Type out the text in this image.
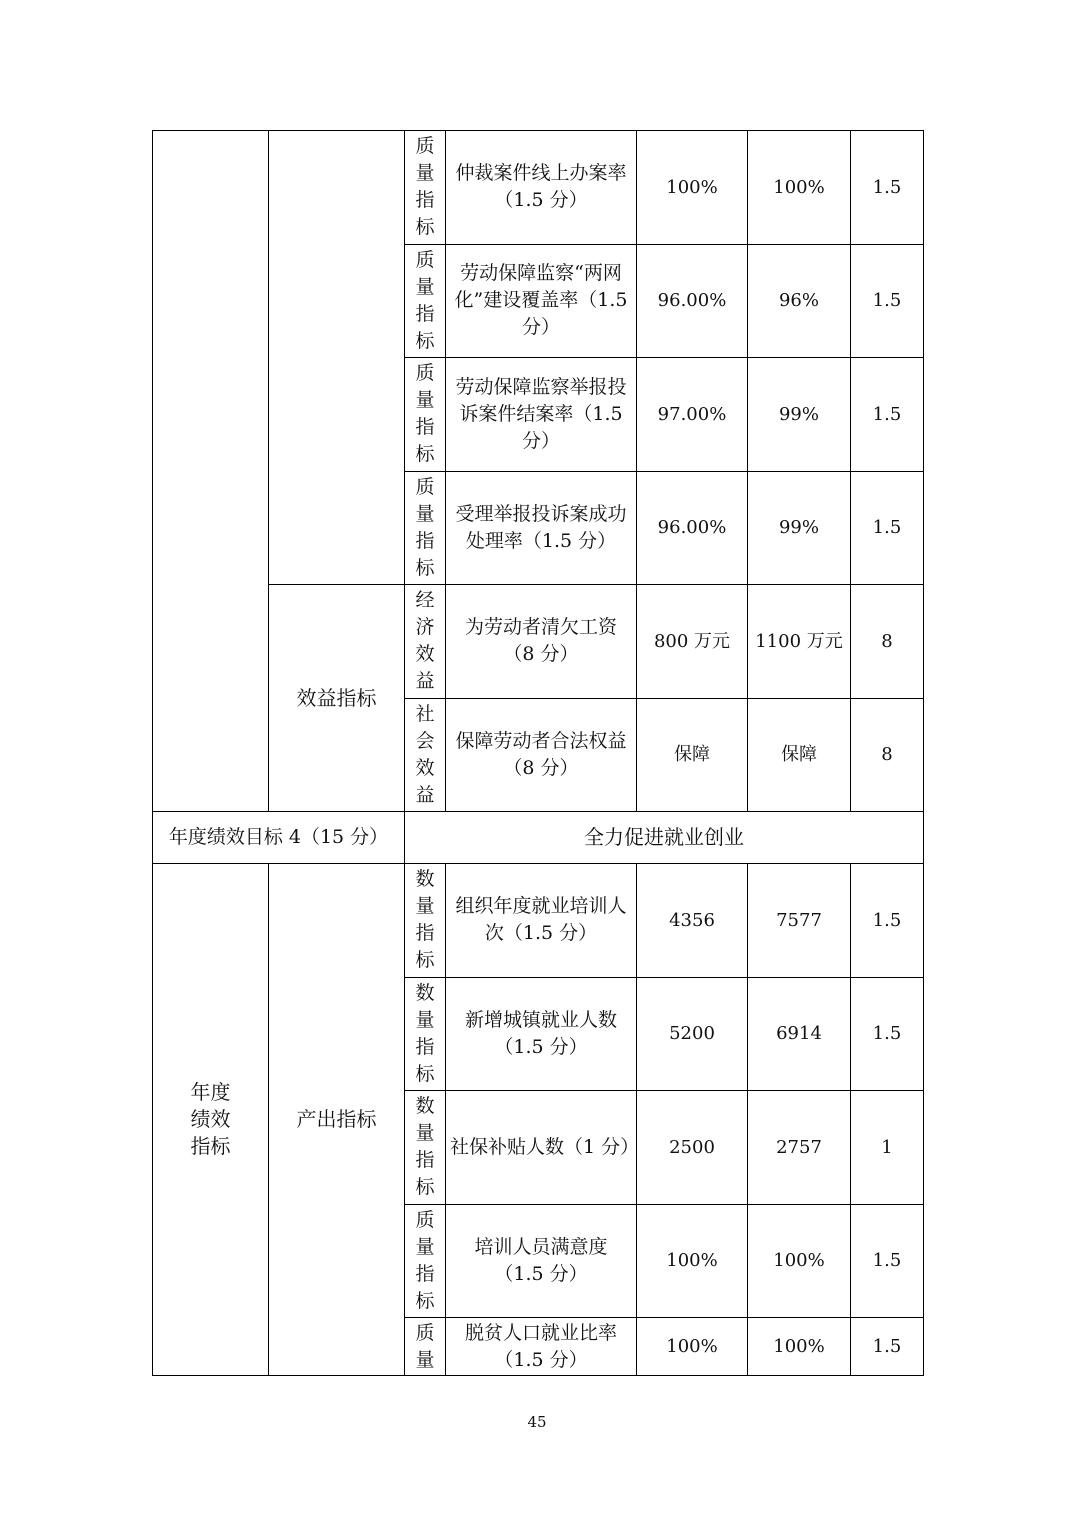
		质量指标	仲裁案件线上办案率（1.5 分）	100%	100%	1.5
		质量指标	劳动保障监察“两网化”建设覆盖率（1.5 分）	96.00%	96%	1.5
		质量指标	劳动保障监察举报投诉案件结案率（1.5 分）	97.00%	99%	1.5
		质量指标	受理举报投诉案成功处理率（1.5 分）	96.00%	99%	1.5
	效益指标	经济效益	为劳动者清欠工资（8 分）	800 万元	1100 万元	8
		社会效益	保障劳动者合法权益（8 分）	保障	保障	8
年度绩效目标 4（15 分）		全力促进就业创业				
年度绩效指标	产出指标	数量指标	组织年度就业培训人次（1.5 分）	4356	7577	1.5
		数量指标	新增城镇就业人数（1.5 分）	5200	6914	1.5
		数量指标	社保补贴人数（1 分）	2500	2757	1
		质量指标	培训人员满意度（1.5 分）	100%	100%	1.5
		质量	脱贫人口就业比率（1.5 分）	100%	100%	1.5
45
